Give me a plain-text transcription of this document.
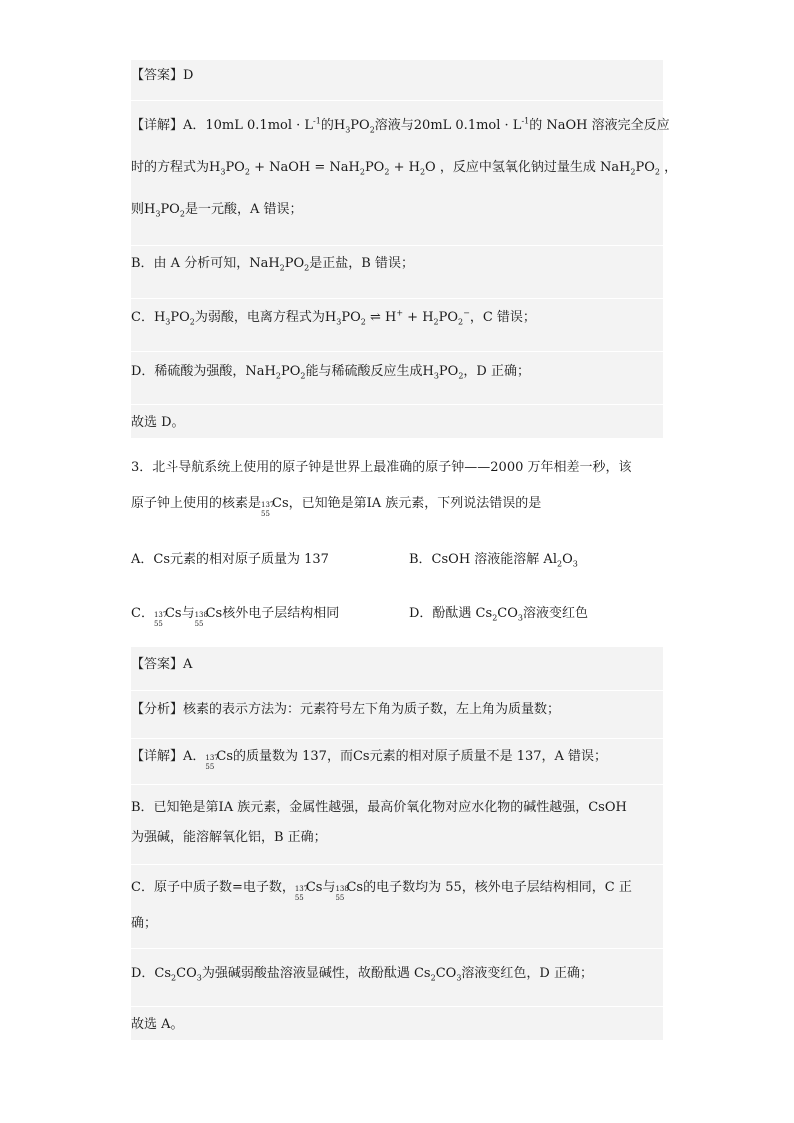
【答案】D
【详解】A．10mL $0.1mol \cdot L^{-1}$的$H_3PO_2$溶液与20mL $0.1mol \cdot L^{-1}$的 NaOH 溶液完全反应
时的方程式为$H_3PO_2$ + NaOH = $NaH_2PO_2 + H_2O$ ，反应中氢氧化钠过量生成 $NaH_2PO_2$ ，
则$H_3PO_2$是一元酸，A 错误；
B．由 A 分析可知，$NaH_2PO_2$是正盐，B 错误；
C．$H_3PO_2$为弱酸，电离方程式为$H_3PO_2$ ⇌ $H^+ + H_2PO_2^-$，C 错误；
D．稀硫酸为强酸，$NaH_2PO_2$能与稀硫酸反应生成$H_3PO_2$，D 正确；
故选 D。
3．北斗导航系统上使用的原子钟是世界上最准确的原子钟——2000 万年相差一秒，该
原子钟上使用的核素是 137
55
Cs，已知铯是第ⅠA 族元素，下列说法错误的是
A．Cs元素的相对原子质量为 137	B．CsOH 溶液能溶解 $Al_2O_3$
C． 137
55
Cs与 138
55
Cs核外电子层结构相同	D．酚酞遇 $Cs_2CO_3$溶液变红色
【答案】A
【分析】核素的表示方法为：元素符号左下角为质子数，左上角为质量数；
【详解】A． 137
55
Cs的质量数为 137，而Cs元素的相对原子质量不是 137，A 错误；
B．已知铯是第ⅠA 族元素，金属性越强，最高价氧化物对应水化物的碱性越强，CsOH
为强碱，能溶解氧化铝，B 正确；
C．原子中质子数=电子数， 137
55
Cs与 138
55
Cs的电子数均为 55，核外电子层结构相同，C 正
确；
D．$Cs_2CO_3$为强碱弱酸盐溶液显碱性，故酚酞遇 $Cs_2CO_3$溶液变红色，D 正确；
故选 A。
